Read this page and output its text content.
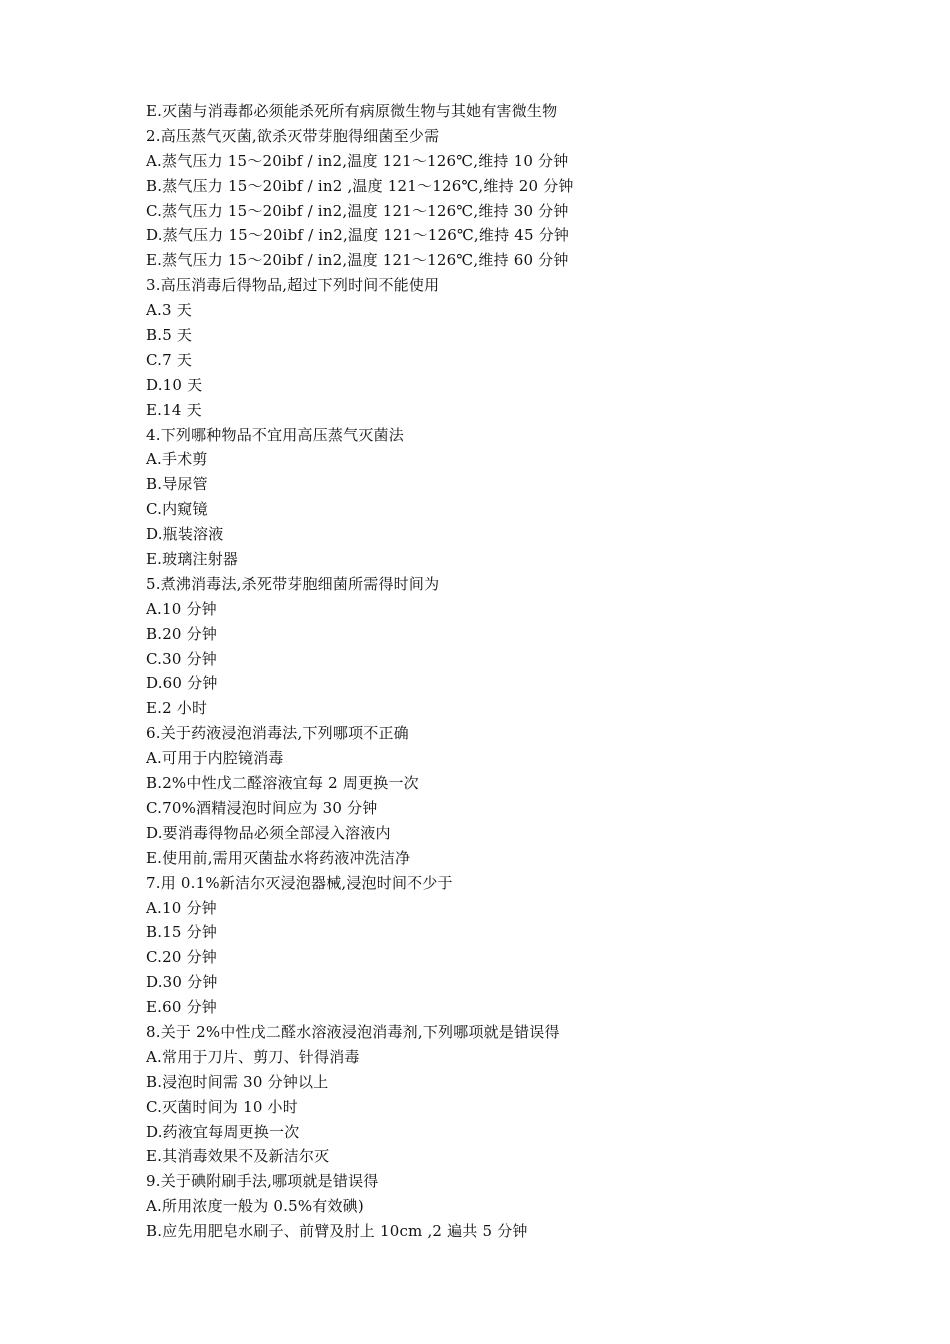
E.灭菌与消毒都必须能杀死所有病原微生物与其她有害微生物
2.高压蒸气灭菌,欲杀灭带芽胞得细菌至少需
A.蒸气压力 15～20ibf / in2,温度 121～126℃,维持 10 分钟
B.蒸气压力 15～20ibf / in2 ,温度 121～126℃,维持 20 分钟
C.蒸气压力 15～20ibf / in2,温度 121～126℃,维持 30 分钟
D.蒸气压力 15～20ibf / in2,温度 121～126℃,维持 45 分钟
E.蒸气压力 15～20ibf / in2,温度 121～126℃,维持 60 分钟
3.高压消毒后得物品,超过下列时间不能使用
A.3 天
B.5 天
C.7 天
D.10 天
E.14 天
4.下列哪种物品不宜用高压蒸气灭菌法
A.手术剪
B.导尿管
C.内窥镜
D.瓶装溶液
E.玻璃注射器
5.煮沸消毒法,杀死带芽胞细菌所需得时间为
A.10 分钟
B.20 分钟
C.30 分钟
D.60 分钟
E.2 小时
6.关于药液浸泡消毒法,下列哪项不正确
A.可用于内腔镜消毒
B.2%中性戊二醛溶液宜每 2 周更换一次
C.70%酒精浸泡时间应为 30 分钟
D.要消毒得物品必须全部浸入溶液内
E.使用前,需用灭菌盐水将药液冲洗洁净
7.用 0.1%新洁尔灭浸泡器械,浸泡时间不少于
A.10 分钟
B.15 分钟
C.20 分钟
D.30 分钟
E.60 分钟
8.关于 2%中性戊二醛水溶液浸泡消毒剂,下列哪项就是错误得
A.常用于刀片、剪刀、针得消毒
B.浸泡时间需 30 分钟以上
C.灭菌时间为 10 小时
D.药液宜每周更换一次
E.其消毒效果不及新洁尔灭
9.关于碘附刷手法,哪项就是错误得
A.所用浓度一般为 0.5%有效碘)
B.应先用肥皂水刷子、前臂及肘上 10cm ,2 遍共 5 分钟
